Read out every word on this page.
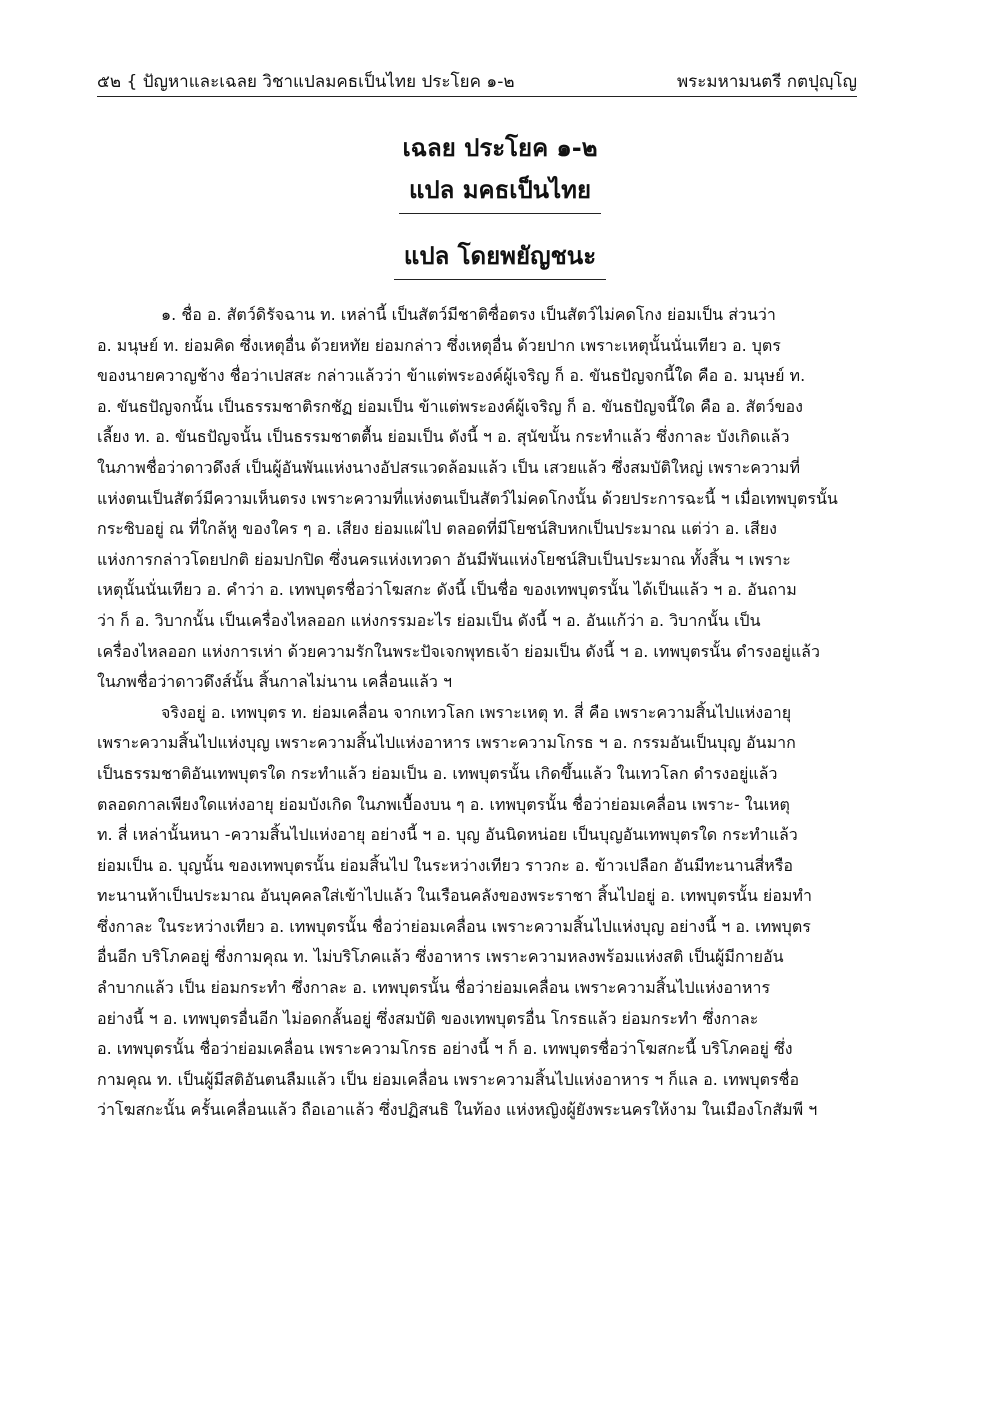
๕๒ { ปัญหาและเฉลย วิชาแปลมคธเป็นไทย ประโยค ๑-๒	พระมหามนตรี กตปุญฺโญ
เฉลย ประโยค ๑-๒
แปล มคธเป็นไทย
แปล โดยพยัญชนะ
๑. ชื่อ อ. สัตว์ดิรัจฉาน ท. เหล่านี้ เป็นสัตว์มีชาติซื่อตรง เป็นสัตว์ไม่คดโกง ย่อมเป็น ส่วนว่า
อ. มนุษย์ ท. ย่อมคิด ซึ่งเหตุอื่น ด้วยหทัย ย่อมกล่าว ซึ่งเหตุอื่น ด้วยปาก เพราะเหตุนั้นนั่นเทียว อ. บุตร
ของนายควาญช้าง ชื่อว่าเปสสะ กล่าวแล้วว่า ข้าแต่พระองค์ผู้เจริญ ก็ อ. ขันธปัญจกนี้ใด คือ อ. มนุษย์ ท.
อ. ขันธปัญจกนั้น เป็นธรรมชาติรกชัฏ ย่อมเป็น ข้าแต่พระองค์ผู้เจริญ ก็ อ. ขันธปัญจนี้ใด คือ อ. สัตว์ของ
เลี้ยง ท. อ. ขันธปัญจนั้น เป็นธรรมชาตตื้น ย่อมเป็น ดังนี้ ฯ อ. สุนัขนั้น กระทำแล้ว ซึ่งกาละ บังเกิดแล้ว
ในภาพชื่อว่าดาวดึงส์ เป็นผู้อันพันแห่งนางอัปสรแวดล้อมแล้ว เป็น เสวยแล้ว ซึ่งสมบัติใหญ่ เพราะความที่
แห่งตนเป็นสัตว์มีความเห็นตรง เพราะความที่แห่งตนเป็นสัตว์ไม่คดโกงนั้น ด้วยประการฉะนี้ ฯ เมื่อเทพบุตรนั้น
กระซิบอยู่ ณ ที่ใกล้หู ของใคร ๆ อ. เสียง ย่อมแผ่ไป ตลอดที่มีโยชน์สิบหกเป็นประมาณ แต่ว่า อ. เสียง
แห่งการกล่าวโดยปกติ ย่อมปกปิด ซึ่งนครแห่งเทวดา อันมีพันแห่งโยชน์สิบเป็นประมาณ ทั้งสิ้น ฯ เพราะ
เหตุนั้นนั่นเทียว อ. คำว่า อ. เทพบุตรชื่อว่าโฆสกะ ดังนี้ เป็นชื่อ ของเทพบุตรนั้น ได้เป็นแล้ว ฯ อ. อันถาม
ว่า ก็ อ. วิบากนั้น เป็นเครื่องไหลออก แห่งกรรมอะไร ย่อมเป็น ดังนี้ ฯ อ. อันแก้ว่า อ. วิบากนั้น เป็น
เครื่องไหลออก แห่งการเห่า ด้วยความรักในพระปัจเจกพุทธเจ้า ย่อมเป็น ดังนี้ ฯ อ. เทพบุตรนั้น ดำรงอยู่แล้ว
ในภพชื่อว่าดาวดึงส์นั้น สิ้นกาลไม่นาน เคลื่อนแล้ว ฯ
จริงอยู่ อ. เทพบุตร ท. ย่อมเคลื่อน จากเทวโลก เพราะเหตุ ท. สี่ คือ เพราะความสิ้นไปแห่งอายุ
เพราะความสิ้นไปแห่งบุญ เพราะความสิ้นไปแห่งอาหาร เพราะความโกรธ ฯ อ. กรรมอันเป็นบุญ อันมาก
เป็นธรรมชาติอันเทพบุตรใด กระทำแล้ว ย่อมเป็น อ. เทพบุตรนั้น เกิดขึ้นแล้ว ในเทวโลก ดำรงอยู่แล้ว
ตลอดกาลเพียงใดแห่งอายุ ย่อมบังเกิด ในภพเบื้องบน ๆ อ. เทพบุตรนั้น ชื่อว่าย่อมเคลื่อน เพราะ- ในเหตุ
ท. สี่ เหล่านั้นหนา -ความสิ้นไปแห่งอายุ อย่างนี้ ฯ อ. บุญ อันนิดหน่อย เป็นบุญอันเทพบุตรใด กระทำแล้ว
ย่อมเป็น อ. บุญนั้น ของเทพบุตรนั้น ย่อมสิ้นไป ในระหว่างเทียว ราวกะ อ. ข้าวเปลือก อันมีทะนานสี่หรือ
ทะนานห้าเป็นประมาณ อันบุคคลใส่เข้าไปแล้ว ในเรือนคลังของพระราชา สิ้นไปอยู่ อ. เทพบุตรนั้น ย่อมทำ
ซึ่งกาละ ในระหว่างเทียว อ. เทพบุตรนั้น ชื่อว่าย่อมเคลื่อน เพราะความสิ้นไปแห่งบุญ อย่างนี้ ฯ อ. เทพบุตร
อื่นอีก บริโภคอยู่ ซึ่งกามคุณ ท. ไม่บริโภคแล้ว ซึ่งอาหาร เพราะความหลงพร้อมแห่งสติ เป็นผู้มีกายอัน
ลำบากแล้ว เป็น ย่อมกระทำ ซึ่งกาละ อ. เทพบุตรนั้น ชื่อว่าย่อมเคลื่อน เพราะความสิ้นไปแห่งอาหาร
อย่างนี้ ฯ อ. เทพบุตรอื่นอีก ไม่อดกลั้นอยู่ ซึ่งสมบัติ ของเทพบุตรอื่น โกรธแล้ว ย่อมกระทำ ซึ่งกาละ
อ. เทพบุตรนั้น ชื่อว่าย่อมเคลื่อน เพราะความโกรธ อย่างนี้ ฯ ก็ อ. เทพบุตรชื่อว่าโฆสกะนี้ บริโภคอยู่ ซึ่ง
กามคุณ ท. เป็นผู้มีสติอันตนลืมแล้ว เป็น ย่อมเคลื่อน เพราะความสิ้นไปแห่งอาหาร ฯ ก็แล อ. เทพบุตรชื่อ
ว่าโฆสกะนั้น ครั้นเคลื่อนแล้ว ถือเอาแล้ว ซึ่งปฏิสนธิ ในท้อง แห่งหญิงผู้ยังพระนครให้งาม ในเมืองโกสัมพี ฯ
